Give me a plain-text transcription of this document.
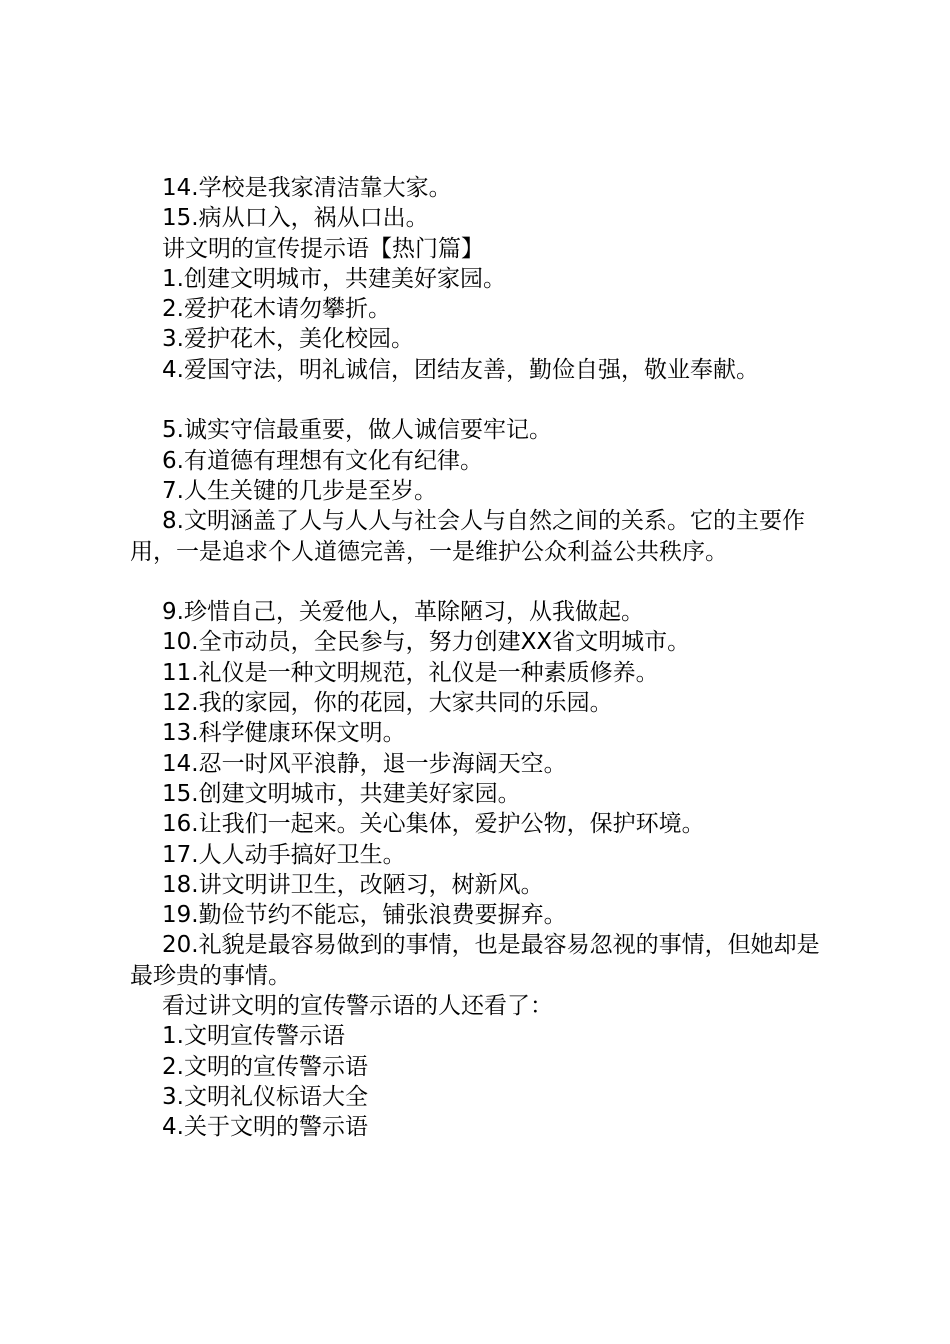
14.学校是我家清洁靠大家。

15.病从口入，祸从口出。

讲文明的宣传提示语【热门篇】

1.创建文明城市，共建美好家园。

2.爱护花木请勿攀折。

3.爱护花木，美化校园。

4.爱国守法，明礼诚信，团结友善，勤俭自强，敬业奉献。

5.诚实守信最重要，做人诚信要牢记。

6.有道德有理想有文化有纪律。

7.人生关键的几步是至岁。

8.文明涵盖了人与人人与社会人与自然之间的关系。它的主要作用，一是追求个人道德完善，一是维护公众利益公共秩序。

9.珍惜自己，关爱他人，革除陋习，从我做起。

10.全市动员，全民参与，努力创建XX省文明城市。

11.礼仪是一种文明规范，礼仪是一种素质修养。

12.我的家园，你的花园，大家共同的乐园。

13.科学健康环保文明。

14.忍一时风平浪静，退一步海阔天空。

15.创建文明城市，共建美好家园。

16.让我们一起来。关心集体，爱护公物，保护环境。

17.人人动手搞好卫生。

18.讲文明讲卫生，改陋习，树新风。

19.勤俭节约不能忘，铺张浪费要摒弃。

20.礼貌是最容易做到的事情，也是最容易忽视的事情，但她却是最珍贵的事情。

看过讲文明的宣传警示语的人还看了：

1.文明宣传警示语

2.文明的宣传警示语

3.文明礼仪标语大全

4.关于文明的警示语
